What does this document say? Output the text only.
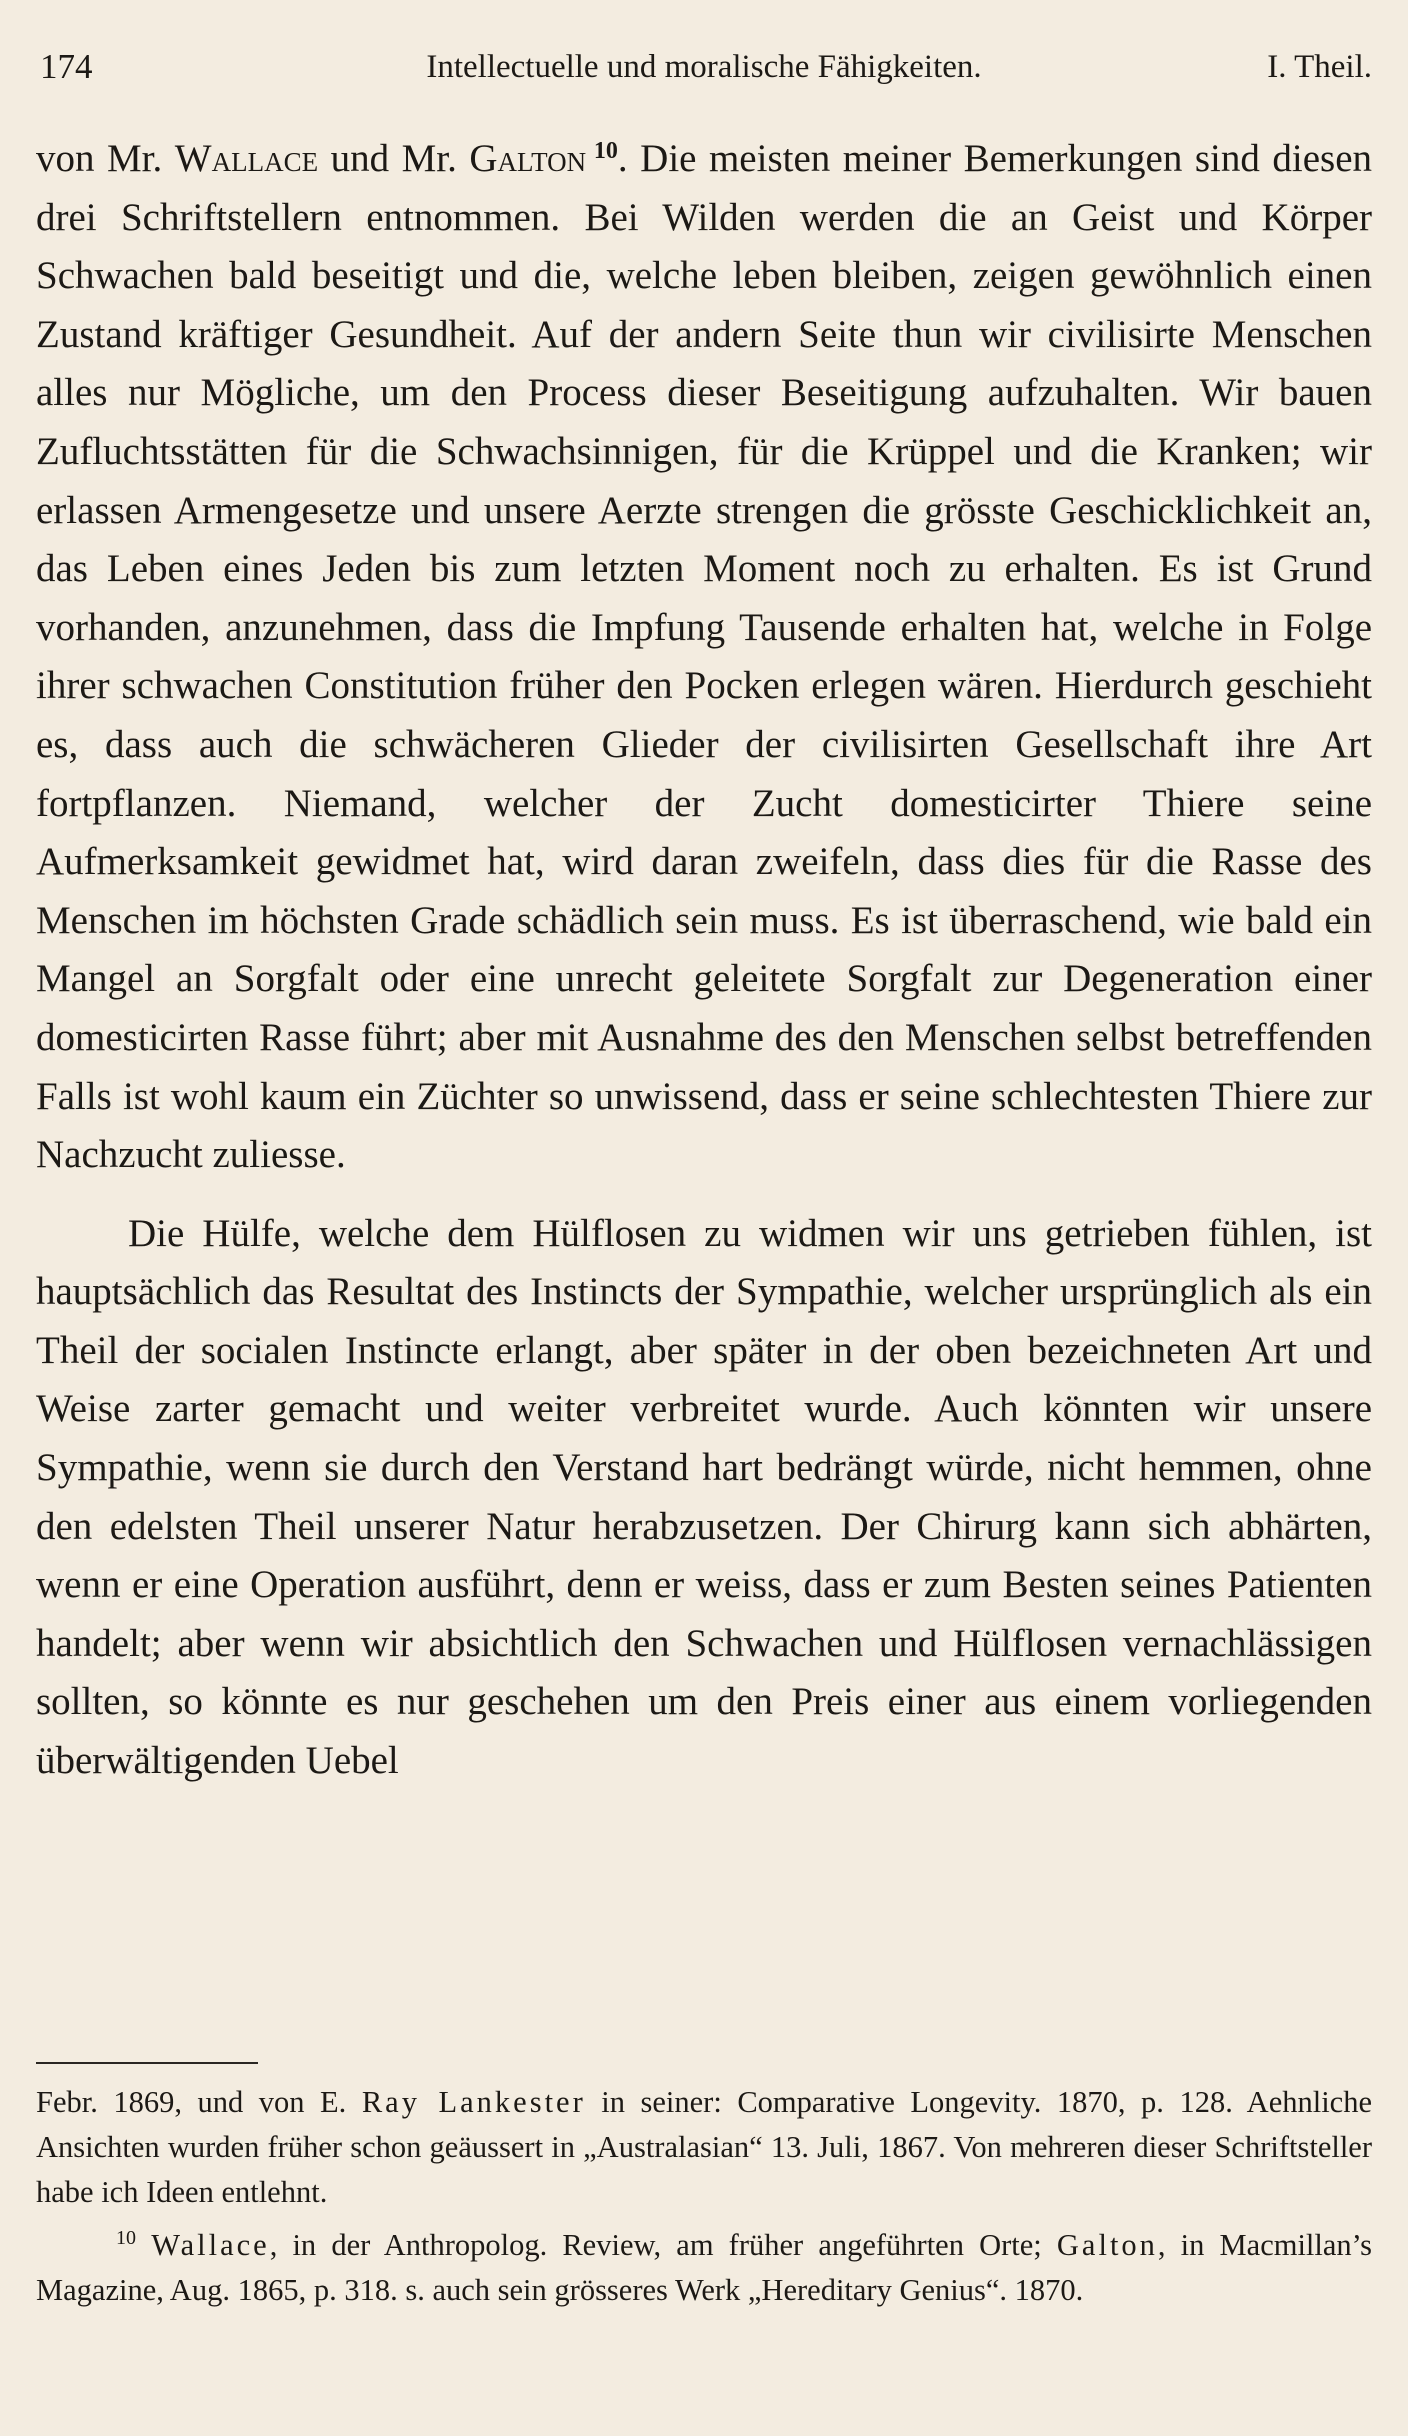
174	Intellectuelle und moralische Fähigkeiten.	I. Theil.

von Mr. Wallace und Mr. Galton  $^{10}$. Die meisten meiner Bemerkungen sind diesen drei Schriftstellern entnommen. Bei Wilden werden die an Geist und Körper Schwachen bald beseitigt und die, welche leben bleiben, zeigen gewöhnlich einen Zustand kräftiger Gesundheit. Auf der andern Seite thun wir civilisirte Menschen alles nur Mögliche, um den Process dieser Beseitigung aufzuhalten. Wir bauen Zufluchtsstätten für die Schwachsinnigen, für die Krüppel und die Kranken; wir erlassen Armengesetze und unsere Aerzte strengen die grösste Geschicklichkeit an, das Leben eines Jeden bis zum letzten Moment noch zu erhalten. Es ist Grund vorhanden, anzunehmen, dass die Impfung Tausende erhalten hat, welche in Folge ihrer schwachen Constitution früher den Pocken erlegen wären. Hierdurch geschieht es, dass auch die schwächeren Glieder der civilisirten Gesellschaft ihre Art fortpflanzen. Niemand, welcher der Zucht domesticirter Thiere seine Aufmerksamkeit gewidmet hat, wird daran zweifeln, dass dies für die Rasse des Menschen im höchsten Grade schädlich sein muss. Es ist überraschend, wie bald ein Mangel an Sorgfalt oder eine unrecht geleitete Sorgfalt zur Degeneration einer domesticirten Rasse führt; aber mit Ausnahme des den Menschen selbst betreffenden Falls ist wohl kaum ein Züchter so unwissend, dass er seine schlechtesten Thiere zur Nachzucht zuliesse.

Die Hülfe, welche dem Hülflosen zu widmen wir uns getrieben fühlen, ist hauptsächlich das Resultat des Instincts der Sympathie, welcher ursprünglich als ein Theil der socialen Instincte erlangt, aber später in der oben bezeichneten Art und Weise zarter gemacht und weiter verbreitet wurde. Auch könnten wir unsere Sympathie, wenn sie durch den Verstand hart bedrängt würde, nicht hemmen, ohne den edelsten Theil unserer Natur herabzusetzen. Der Chirurg kann sich abhärten, wenn er eine Operation ausführt, denn er weiss, dass er zum Besten seines Patienten handelt; aber wenn wir absichtlich den Schwachen und Hülflosen vernachlässigen sollten, so könnte es nur geschehen um den Preis einer aus einem vorliegenden überwältigenden Uebel

Febr. 1869, und von E. Ray Lankester in seiner: Comparative Longevity. 1870, p. 128. Aehnliche Ansichten wurden früher schon geäussert in „Australasian“ 13. Juli, 1867. Von mehreren dieser Schriftsteller habe ich Ideen entlehnt.

$^{10}$  Wallace, in der Anthropolog. Review, am früher angeführten Orte; Galton, in Macmillan’s Magazine, Aug. 1865, p. 318. s. auch sein grösseres Werk „Hereditary Genius“. 1870.
